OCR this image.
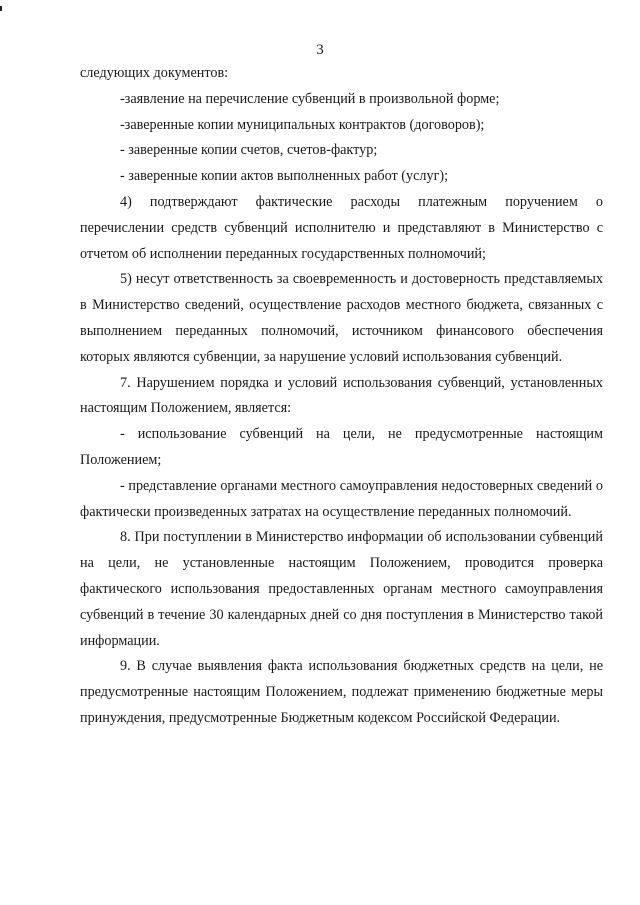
3

следующих документов:

-заявление на перечисление субвенций в произвольной форме;

-заверенные копии муниципальных контрактов (договоров);

- заверенные копии счетов, счетов-фактур;

- заверенные копии актов выполненных работ (услуг);

4) подтверждают фактические расходы платежным поручением о перечислении средств субвенций исполнителю и представляют в Министерство с отчетом об исполнении переданных государственных полномочий;

5) несут ответственность за своевременность и достоверность представляемых в Министерство сведений, осуществление расходов местного бюджета, связанных с выполнением переданных полномочий, источником финансового обеспечения которых являются субвенции, за нарушение условий использования субвенций.

7. Нарушением порядка и условий использования субвенций, установленных настоящим Положением, является:

- использование субвенций на цели, не предусмотренные настоящим Положением;

- представление органами местного самоуправления недостоверных сведений о фактически произведенных затратах на осуществление переданных полномочий.

8. При поступлении в Министерство информации об использовании субвенций на цели, не установленные настоящим Положением, проводится проверка фактического использования предоставленных органам местного самоуправления субвенций в течение 30 календарных дней со дня поступления в Министерство такой информации.

9. В случае выявления факта использования бюджетных средств на цели, не предусмотренные настоящим Положением, подлежат применению бюджетные меры принуждения, предусмотренные Бюджетным кодексом Российской Федерации.
